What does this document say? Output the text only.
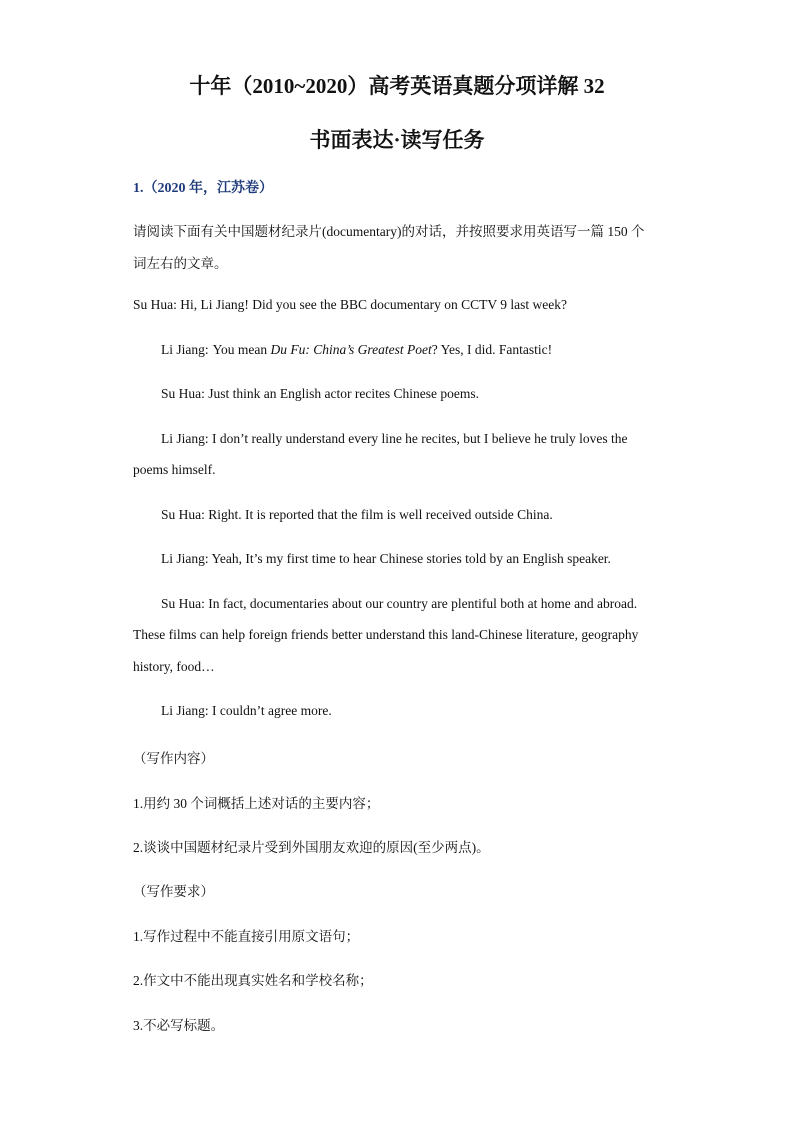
十年（2010~2020）高考英语真题分项详解 32
书面表达·读写任务
1.（2020 年，江苏卷）
请阅读下面有关中国题材纪录片(documentary)的对话，并按照要求用英语写一篇 150 个
词左右的文章。
Su Hua: Hi, Li Jiang! Did you see the BBC documentary on CCTV 9 last week?
Li Jiang: You mean Du Fu: China’s Greatest Poet? Yes, I did. Fantastic!
Su Hua: Just think an English actor recites Chinese poems.
Li Jiang: I don’t really understand every line he recites, but I believe he truly loves the
poems himself.
Su Hua: Right. It is reported that the film is well received outside China.
Li Jiang: Yeah, It’s my first time to hear Chinese stories told by an English speaker.
Su Hua: In fact, documentaries about our country are plentiful both at home and abroad.
These films can help foreign friends better understand this land-Chinese literature, geography
history, food…
Li Jiang: I couldn’t agree more.
（写作内容）
1.用约 30 个词概括上述对话的主要内容；
2.谈谈中国题材纪录片受到外国朋友欢迎的原因(至少两点)。
（写作要求）
1.写作过程中不能直接引用原文语句；
2.作文中不能出现真实姓名和学校名称；
3.不必写标题。
